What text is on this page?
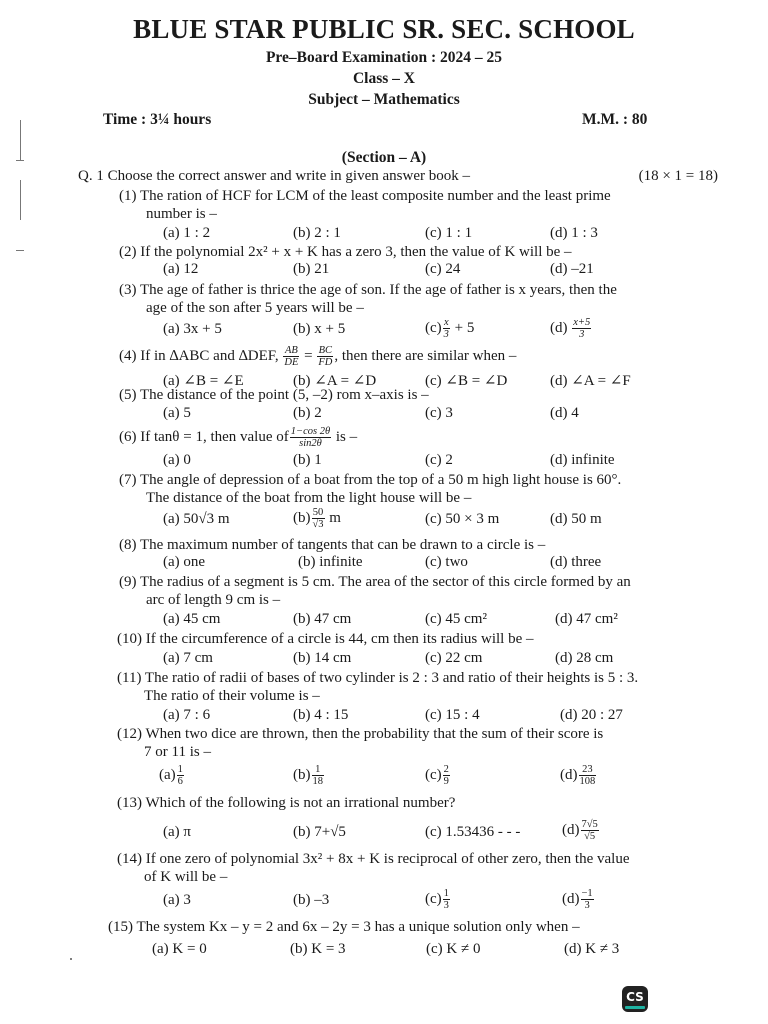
BLUE STAR PUBLIC SR. SEC. SCHOOL
Pre–Board Examination : 2024 – 25
Class – X
Subject – Mathematics
Time : 3¼ hours	M.M. : 80
(Section – A)
Q. 1 Choose the correct answer and write in given answer book –	(18 × 1 = 18)
(1) The ration of HCF for LCM of the least composite number and the least prime
number is –
(a) 1 : 2	(b) 2 : 1	(c) 1 : 1	(d) 1 : 3
(2) If the polynomial 2x² + x + K has a zero 3, then the value of K will be –
(a) 12	(b) 21	(c) 24	(d) –21
(3) The age of father is thrice the age of son. If the age of father is x years, then the
age of the son after 5 years will be –
(a) 3x + 5	(b) x + 5	$(c) \frac{x}{3} + 5$	$(d) \frac{x+5}{3}$
(4) If in ∆ABC and ∆DEF, $\frac{AB}{DE} = \frac{BC}{FD}$ , then there are similar when –
(a) ∠B = ∠E	(b) ∠A = ∠D	(c) ∠B = ∠D	(d) ∠A = ∠F
(5) The distance of the point (5, –2) rom x–axis is –
(a) 5	(b) 2	(c) 3	(d) 4
(6) If tanθ = 1, then value of $\frac{1-\cos 2\theta}{\sin 2\theta}$ is –
(a) 0	(b) 1	(c) 2	(d) infinite
(7) The angle of depression of a boat from the top of a 50 m high light house is 60°.
The distance of the boat from the light house will be –
(a) 50√3 m	$(b) \frac{50}{√3}$ m	(c) 50 × 3 m	(d) 50 m
(8) The maximum number of tangents that can be drawn to a circle is –
(a) one	(b) infinite	(c) two	(d) three
(9) The radius of a segment is 5 cm. The area of the sector of this circle formed by an
arc of length 9 cm is –
(a) 45 cm	(b) 47 cm	(c) 45 cm²	(d) 47 cm²
(10) If the circumference of a circle is 44, cm then its radius will be –
(a) 7 cm	(b) 14 cm	(c) 22 cm	(d) 28 cm
(11) The ratio of radii of bases of two cylinder is 2 : 3 and ratio of their heights is 5 : 3.
The ratio of their volume is –
(a) 7 : 6	(b) 4 : 15	(c) 15 : 4	(d) 20 : 27
(12) When two dice are thrown, then the probability that the sum of their score is
7 or 11 is –
$(a) \frac{1}{6}$	$(b) \frac{1}{18}$	$(c) \frac{2}{9}$	$(d) \frac{23}{108}$
(13) Which of the following is not an irrational number?
(a) π	(b) 7+√5	(c) 1.53436 - - -	$(d) \frac{7√5}{√5}$
(14) If one zero of polynomial 3x² + 8x + K is reciprocal of other zero, then the value
of K will be –
(a) 3	(b) –3	$(c) \frac{1}{3}$	$(d) \frac{-1}{3}$
(15) The system Kx – y = 2 and 6x – 2y = 3 has a unique solution only when –
(a) K = 0	(b) K = 3	(c) K ≠ 0	(d) K ≠ 3
CS
